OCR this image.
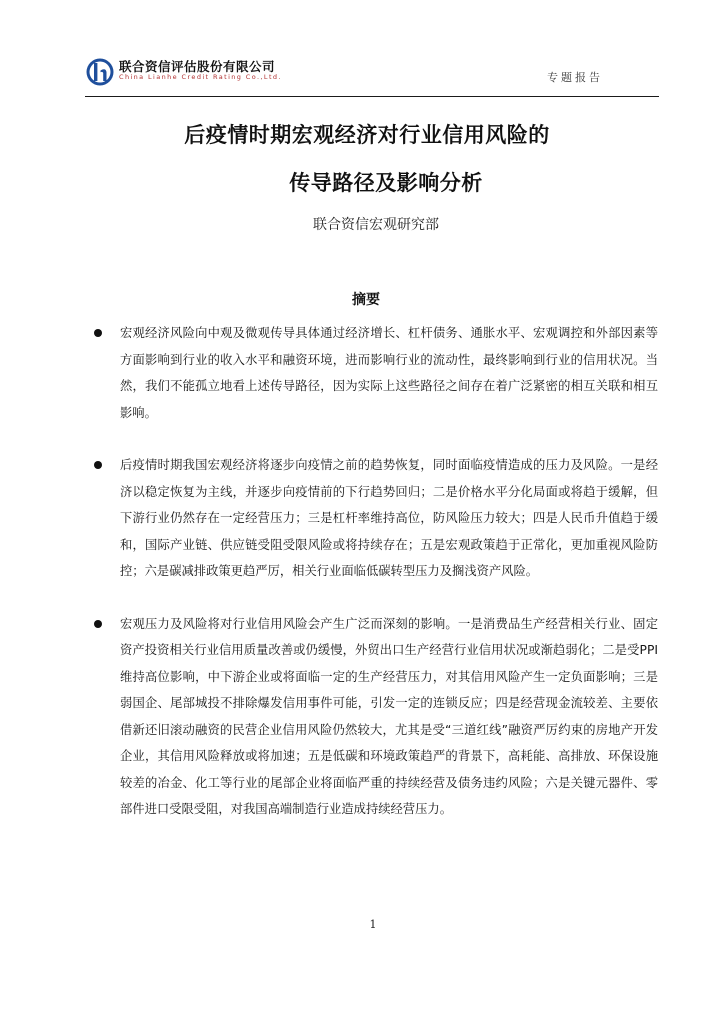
联合资信评估股份有限公司
China Lianhe Credit Rating Co.,Ltd.	专题报告
后疫情时期宏观经济对行业信用风险的
传导路径及影响分析
联合资信宏观研究部
摘要
宏观经济风险向中观及微观传导具体通过经济增长、杠杆债务、通胀水平、宏观调控和外部因素等方面影响到行业的收入水平和融资环境，进而影响行业的流动性，最终影响到行业的信用状况。当然，我们不能孤立地看上述传导路径，因为实际上这些路径之间存在着广泛紧密的相互关联和相互影响。
后疫情时期我国宏观经济将逐步向疫情之前的趋势恢复，同时面临疫情造成的压力及风险。一是经济以稳定恢复为主线，并逐步向疫情前的下行趋势回归；二是价格水平分化局面或将趋于缓解，但下游行业仍然存在一定经营压力；三是杠杆率维持高位，防风险压力较大；四是人民币升值趋于缓和，国际产业链、供应链受阻受限风险或将持续存在；五是宏观政策趋于正常化，更加重视风险防控；六是碳减排政策更趋严厉，相关行业面临低碳转型压力及搁浅资产风险。
宏观压力及风险将对行业信用风险会产生广泛而深刻的影响。一是消费品生产经营相关行业、固定资产投资相关行业信用质量改善或仍缓慢，外贸出口生产经营行业信用状况或渐趋弱化；二是受PPI维持高位影响，中下游企业或将面临一定的生产经营压力，对其信用风险产生一定负面影响；三是弱国企、尾部城投不排除爆发信用事件可能，引发一定的连锁反应；四是经营现金流较差、主要依借新还旧滚动融资的民营企业信用风险仍然较大，尤其是受“三道红线”融资严厉约束的房地产开发企业，其信用风险释放或将加速；五是低碳和环境政策趋严的背景下，高耗能、高排放、环保设施较差的冶金、化工等行业的尾部企业将面临严重的持续经营及债务违约风险；六是关键元器件、零部件进口受限受阻，对我国高端制造行业造成持续经营压力。
1
